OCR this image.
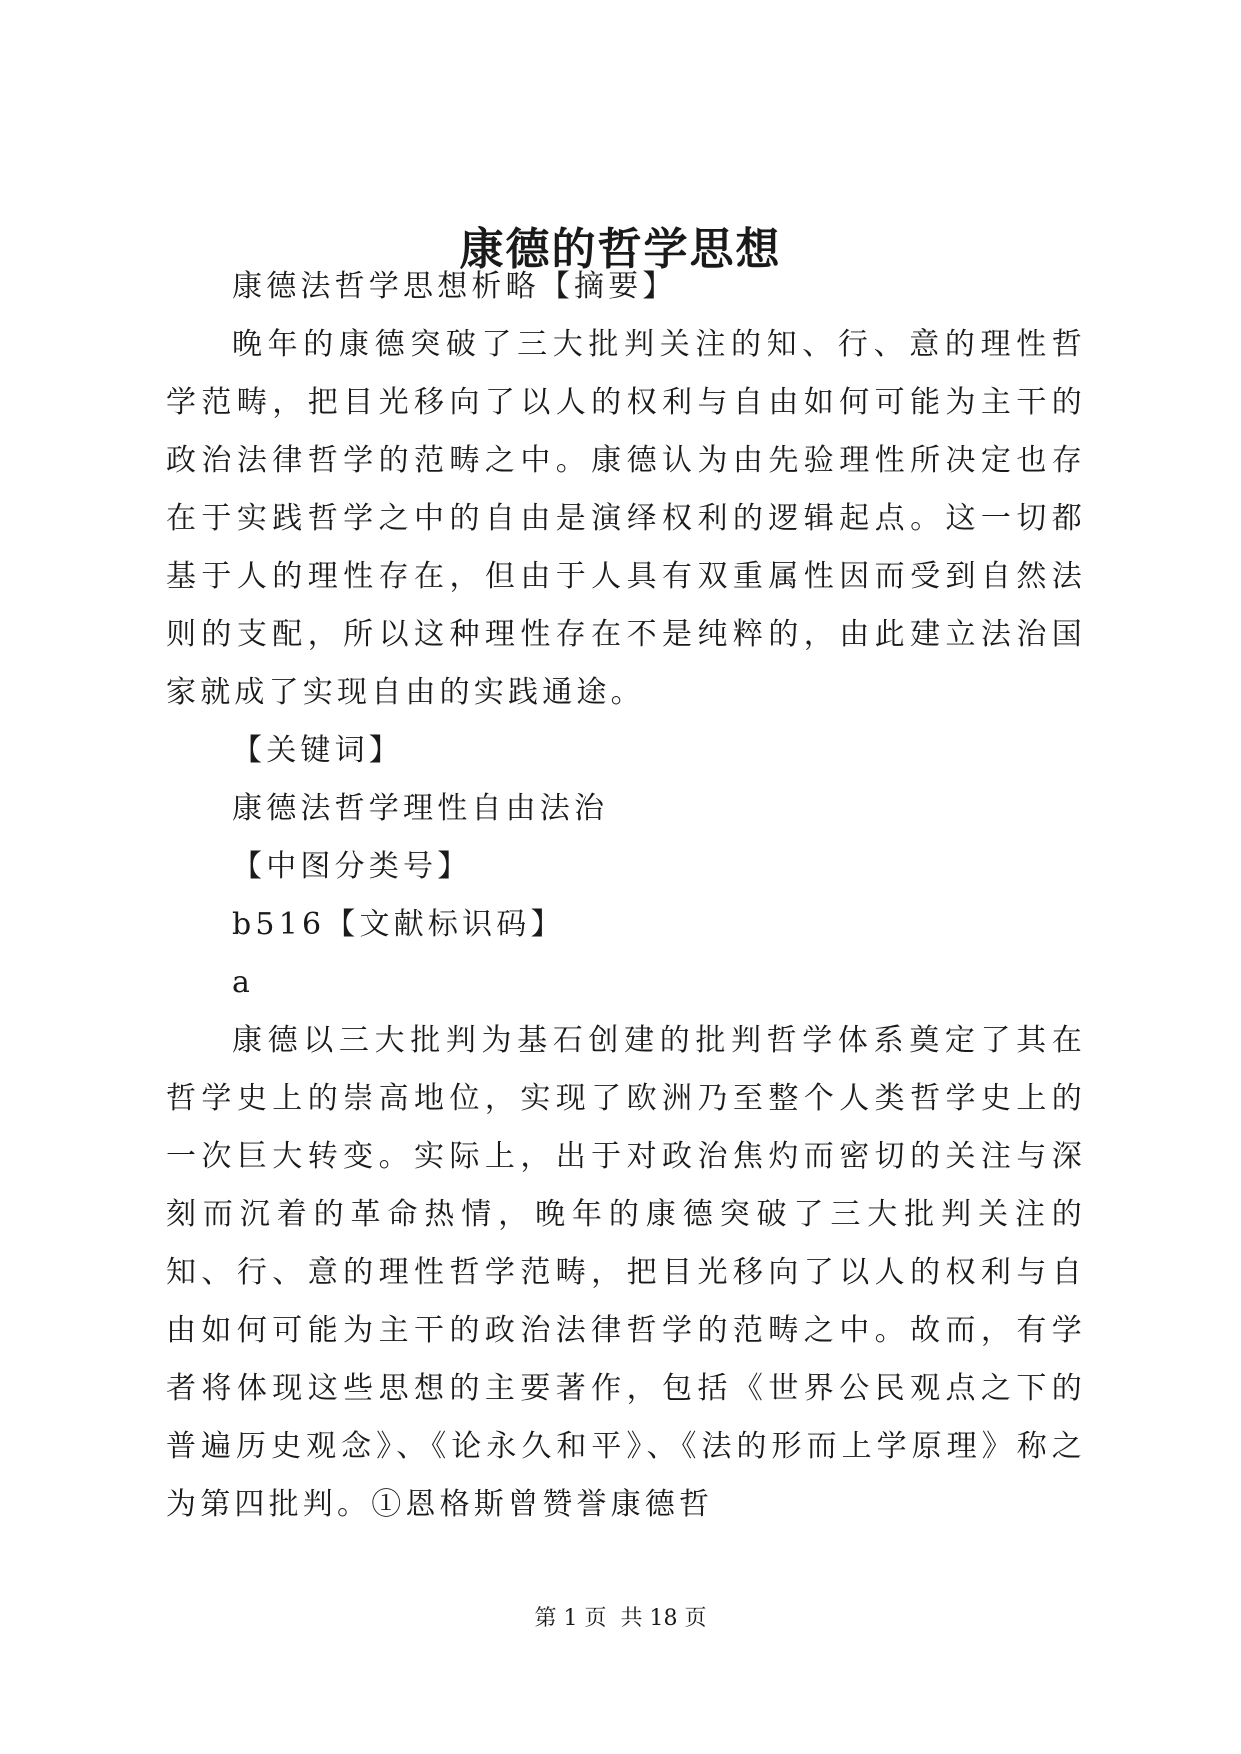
康德的哲学思想

康德法哲学思想析略【摘要】

晚年的康德突破了三大批判关注的知、行、意的理性哲学范畴，把目光移向了以人的权利与自由如何可能为主干的政治法律哲学的范畴之中。康德认为由先验理性所决定也存在于实践哲学之中的自由是演绎权利的逻辑起点。这一切都基于人的理性存在，但由于人具有双重属性因而受到自然法则的支配，所以这种理性存在不是纯粹的，由此建立法治国家就成了实现自由的实践通途。

【关键词】

康德法哲学理性自由法治

【中图分类号】

b516【文献标识码】

a

康德以三大批判为基石创建的批判哲学体系奠定了其在哲学史上的崇高地位，实现了欧洲乃至整个人类哲学史上的一次巨大转变。实际上，出于对政治焦灼而密切的关注与深刻而沉着的革命热情，晚年的康德突破了三大批判关注的知、行、意的理性哲学范畴，把目光移向了以人的权利与自由如何可能为主干的政治法律哲学的范畴之中。故而，有学者将体现这些思想的主要著作，包括《世界公民观点之下的普遍历史观念》、《论永久和平》、《法的形而上学原理》称之为第四批判。①恩格斯曾赞誉康德哲

第 1 页  共 18 页
